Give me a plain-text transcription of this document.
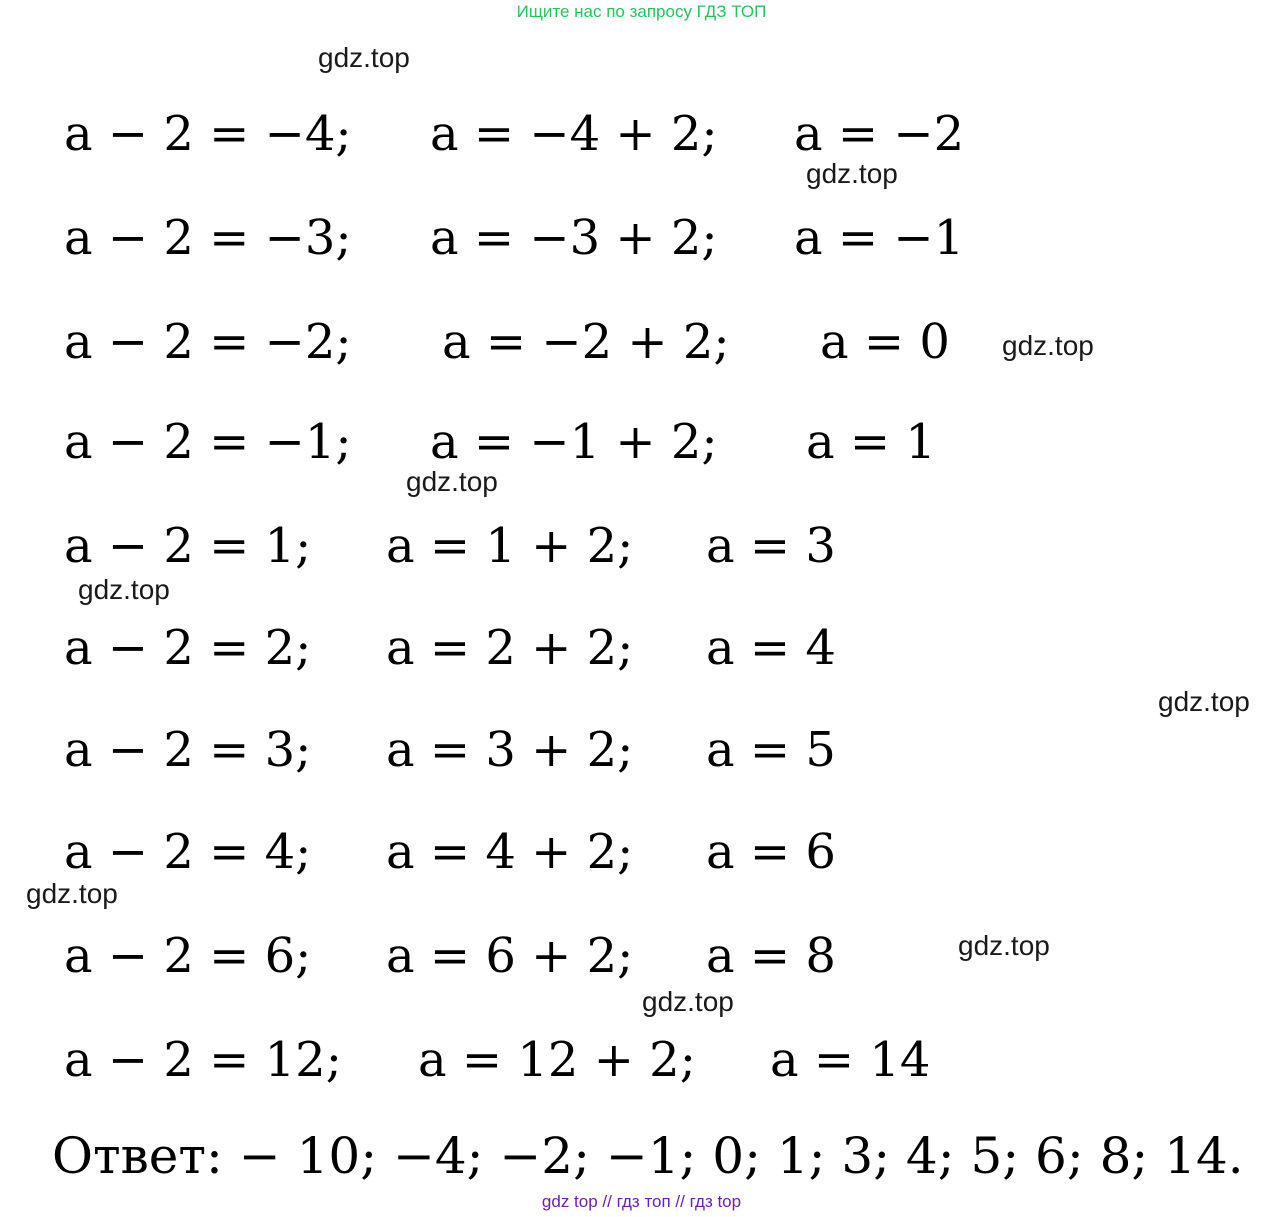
Ищите нас по запросу ГДЗ ТОП
gdz.top
gdz.top
gdz.top
gdz.top
gdz.top
gdz.top
gdz.top
gdz.top
gdz.top
a − 2 = −4; a = −4 + 2; a = −2
a − 2 = −3; a = −3 + 2; a = −1
a − 2 = −2; a = −2 + 2; a = 0
a − 2 = −1; a = −1 + 2; a = 1
a − 2 = 1; a = 1 + 2; a = 3
a − 2 = 2; a = 2 + 2; a = 4
a − 2 = 3; a = 3 + 2; a = 5
a − 2 = 4; a = 4 + 2; a = 6
a − 2 = 6; a = 6 + 2; a = 8
a − 2 = 12; a = 12 + 2; a = 14
Ответ: − 10; −4; −2; −1; 0; 1; 3; 4; 5; 6; 8; 14.
gdz top // гдз топ // гдз top
